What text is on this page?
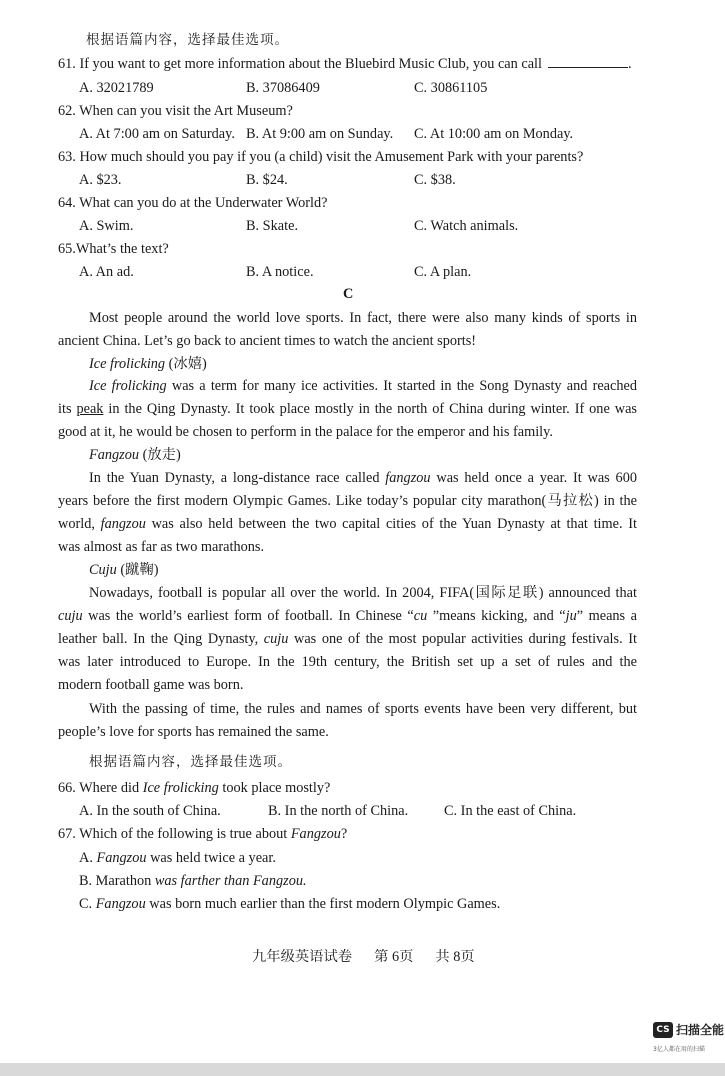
根据语篇内容，选择最佳选项。
61. If you want to get more information about the Bluebird Music Club, you can call	.
A. 32021789	B. 37086409	C. 30861105
62. When can you visit the Art Museum?
A. At 7:00 am on Saturday. B. At 9:00 am on Sunday. C. At 10:00 am on Monday.
63. How much should you pay if you (a child) visit the Amusement Park with your parents?
A. $23.	B. $24.	C. $38.
64. What can you do at the Underwater World?
A. Swim.	B. Skate.	C. Watch animals.
65.What’s the text?
A. An ad.	B. A notice.	C. A plan.
C
Most people around the world love sports. In fact, there were also many kinds of sports in
ancient China. Let’s go back to ancient times to watch the ancient sports!
Ice frolicking (冰嬉)
Ice frolicking was a term for many ice activities. It started in the Song Dynasty and reached
its peak in the Qing Dynasty. It took place mostly in the north of China during winter. If one was
good at it, he would be chosen to perform in the palace for the emperor and his family.
Fangzou (放走)
In the Yuan Dynasty, a long-distance race called fangzou was held once a year. It was 600
years before the first modern Olympic Games. Like today’s popular city marathon(马拉松) in the
world, fangzou was also held between the two capital cities of the Yuan Dynasty at that time. It
was almost as far as two marathons.
Cuju (蹴鞠)
Nowadays, football is popular all over the world. In 2004, FIFA(国际足联) announced that
cuju was the world’s earliest form of football. In Chinese “cu ”means kicking, and “ju” means a
leather ball. In the Qing Dynasty, cuju was one of the most popular activities during festivals. It
was later introduced to Europe. In the 19th century, the British set up a set of rules and the
modern football game was born.
With the passing of time, the rules and names of sports events have been very different, but
people’s love for sports has remained the same.
根据语篇内容，选择最佳选项。
66. Where did Ice frolicking took place mostly?
A. In the south of China.	B. In the north of China.	C. In the east of China.
67. Which of the following is true about Fangzou?
A. Fangzou was held twice a year.
B. Marathon was farther than Fangzou.
C. Fangzou was born much earlier than the first modern Olympic Games.
九年级英语试卷 第 6页 共 8页
CS 扫描全能
3亿人都在用的扫描
